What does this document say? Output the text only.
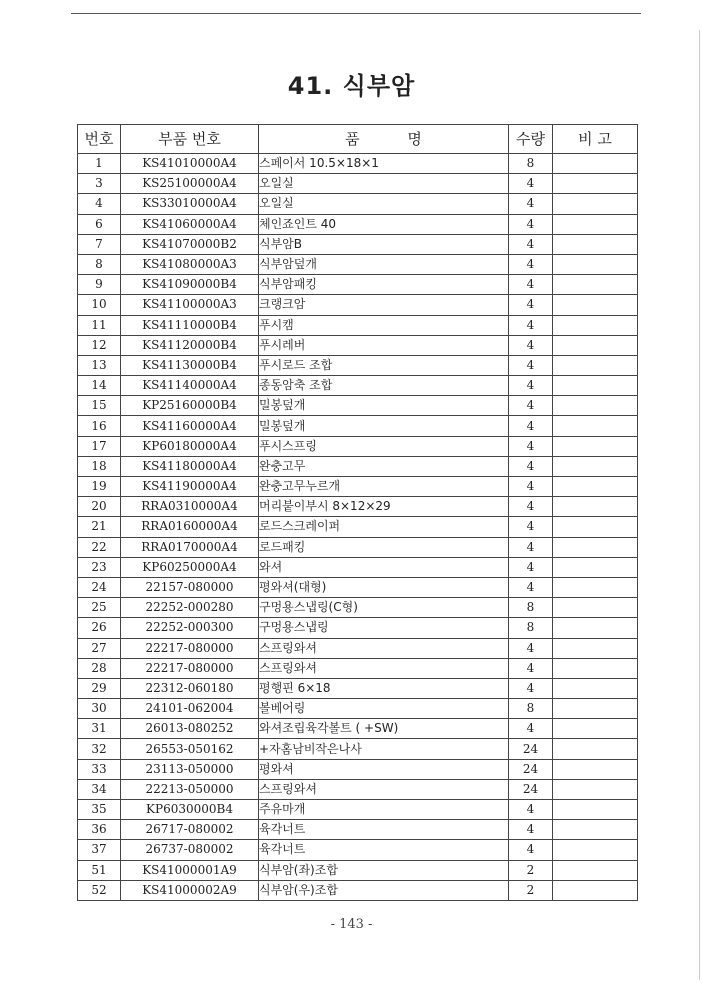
41. 식부암
번호	부품 번호	품          명	수량	비 고
1	KS41010000A4	스페이서 10.5×18×1	8	
3	KS25100000A4	오일실	4	
4	KS33010000A4	오일실	4	
6	KS41060000A4	체인죠인트 40	4	
7	KS41070000B2	식부암B	4	
8	KS41080000A3	식부암덮개	4	
9	KS41090000B4	식부암패킹	4	
10	KS41100000A3	크랭크암	4	
11	KS41110000B4	푸시캠	4	
12	KS41120000B4	푸시레버	4	
13	KS41130000B4	푸시로드 조합	4	
14	KS41140000A4	종동암축 조합	4	
15	KP25160000B4	밀봉덮개	4	
16	KS41160000A4	밀봉덮개	4	
17	KP60180000A4	푸시스프링	4	
18	KS41180000A4	완충고무	4	
19	KS41190000A4	완충고무누르개	4	
20	RRA0310000A4	머리붙이부시 8×12×29	4	
21	RRA0160000A4	로드스크레이퍼	4	
22	RRA0170000A4	로드패킹	4	
23	KP60250000A4	와셔	4	
24	22157-080000	평와셔(대형)	4	
25	22252-000280	구멍용스냅링(C형)	8	
26	22252-000300	구멍용스냅링	8	
27	22217-080000	스프링와셔	4	
28	22217-080000	스프링와셔	4	
29	22312-060180	평행핀 6×18	4	
30	24101-062004	볼베어링	8	
31	26013-080252	와셔조립육각볼트 ( +SW)	4	
32	26553-050162	+자홈남비작은나사	24	
33	23113-050000	평와셔	24	
34	22213-050000	스프링와셔	24	
35	KP6030000B4	주유마개	4	
36	26717-080002	육각너트	4	
37	26737-080002	육각너트	4	
51	KS41000001A9	식부암(좌)조합	2	
52	KS41000002A9	식부암(우)조합	2	
- 143 -
